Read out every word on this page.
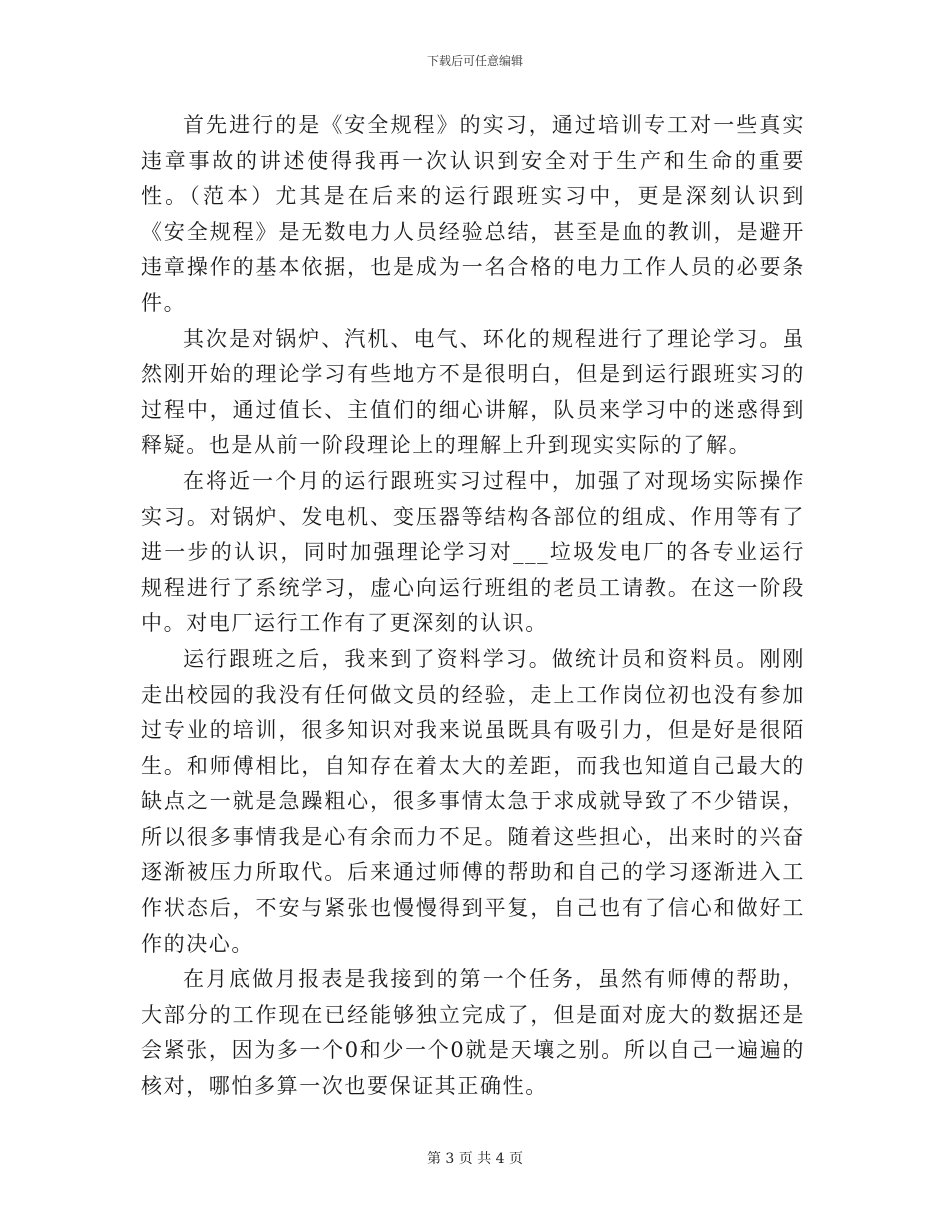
下载后可任意编辑

首先进行的是《安全规程》的实习，通过培训专工对一些真实违章事故的讲述使得我再一次认识到安全对于生产和生命的重要性。（范本）尤其是在后来的运行跟班实习中，更是深刻认识到《安全规程》是无数电力人员经验总结，甚至是血的教训，是避开违章操作的基本依据，也是成为一名合格的电力工作人员的必要条件。

其次是对锅炉、汽机、电气、环化的规程进行了理论学习。虽然刚开始的理论学习有些地方不是很明白，但是到运行跟班实习的过程中，通过值长、主值们的细心讲解，队员来学习中的迷惑得到释疑。也是从前一阶段理论上的理解上升到现实实际的了解。

在将近一个月的运行跟班实习过程中，加强了对现场实际操作实习。对锅炉、发电机、变压器等结构各部位的组成、作用等有了进一步的认识，同时加强理论学习对___垃圾发电厂的各专业运行规程进行了系统学习，虚心向运行班组的老员工请教。在这一阶段中。对电厂运行工作有了更深刻的认识。

运行跟班之后，我来到了资料学习。做统计员和资料员。刚刚走出校园的我没有任何做文员的经验，走上工作岗位初也没有参加过专业的培训，很多知识对我来说虽既具有吸引力，但是好是很陌生。和师傅相比，自知存在着太大的差距，而我也知道自己最大的缺点之一就是急躁粗心，很多事情太急于求成就导致了不少错误，所以很多事情我是心有余而力不足。随着这些担心，出来时的兴奋逐渐被压力所取代。后来通过师傅的帮助和自己的学习逐渐进入工作状态后，不安与紧张也慢慢得到平复，自己也有了信心和做好工作的决心。

在月底做月报表是我接到的第一个任务，虽然有师傅的帮助，大部分的工作现在已经能够独立完成了，但是面对庞大的数据还是会紧张，因为多一个0和少一个0就是天壤之别。所以自己一遍遍的核对，哪怕多算一次也要保证其正确性。

第 3 页 共 4 页
